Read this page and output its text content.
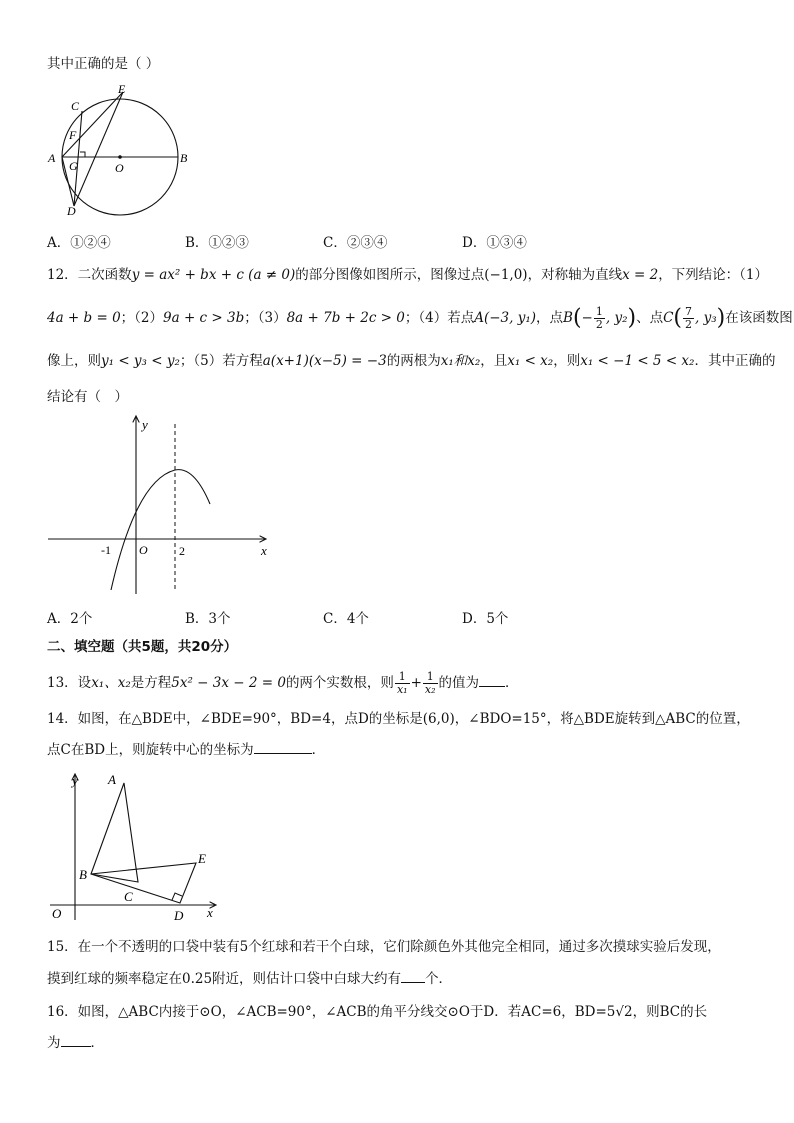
其中正确的是（ ）
C
E
F
A
G	O
B
D
A．①②④	B．①②③	C．②③④	D．①③④
12．二次函数y = ax² + bx + c (a ≠ 0)的部分图像如图所示，图像过点(−1,0)，对称轴为直线x = 2，下列结论：（1）
4a + b = 0；（2）9a + c > 3b；（3）8a + 7b + 2c > 0；（4）若点A(−3, y₁)，点$B(- \frac{1}{2}$ , y₂)、点$C( \frac{7}{2}$ , y₃)在该函数图
像上，则y₁ < y₃ < y₂；（5）若方程a(x+1)(x−5) = −3的两根为x₁和x₂，且x₁ < x₂，则x₁ < −1 < 5 < x₂．其中正确的
结论有（　）
y
x
O
-1	2
A．2个	B．3个	C．4个	D．5个
二、填空题（共5题，共20分）
13．设x₁、x₂是方程5x² − 3x − 2 = 0的两个实数根，则 $\frac{1}{\text{x₁}} + \frac{1}{\text{x₂}}$ 的值为 ．
14．如图，在△BDE中，∠BDE=90°，BD=4，点D的坐标是(6,0)，∠BDO=15°，将△BDE旋转到△ABC的位置，
点C在BD上，则旋转中心的坐标为	．
y A
E
B
C
O	D x
15．在一个不透明的口袋中装有5个红球和若干个白球，它们除颜色外其他完全相同，通过多次摸球实验后发现，
摸到红球的频率稳定在0.25附近，则估计口袋中白球大约有 个．
16．如图，△ABC内接于⊙O，∠ACB=90°，∠ACB的角平分线交⊙O于D．若AC=6，BD=5√2，则BC的长
为 ．
